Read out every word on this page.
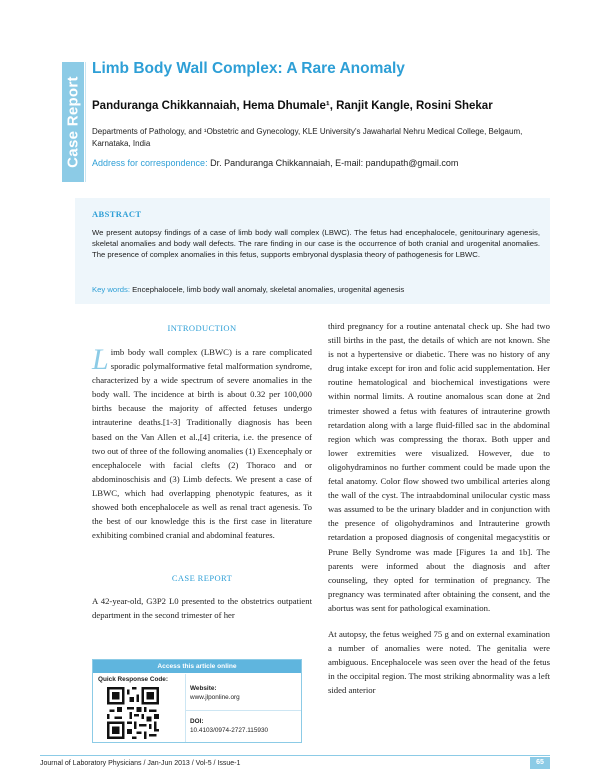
Case Report
Limb Body Wall Complex: A Rare Anomaly
Panduranga Chikkannaiah, Hema Dhumale¹, Ranjit Kangle, Rosini Shekar
Departments of Pathology, and ¹Obstetric and Gynecology, KLE University's Jawaharlal Nehru Medical College, Belgaum, Karnataka, India
Address for correspondence: Dr. Panduranga Chikkannaiah, E-mail: pandupath@gmail.com
ABSTRACT
We present autopsy findings of a case of limb body wall complex (LBWC). The fetus had encephalocele, genitourinary agenesis, skeletal anomalies and body wall defects. The rare finding in our case is the occurrence of both cranial and urogenital anomalies. The presence of complex anomalies in this fetus, supports embryonal dysplasia theory of pathogenesis for LBWC.
Key words: Encephalocele, limb body wall anomaly, skeletal anomalies, urogenital agenesis
INTRODUCTION
Limb body wall complex (LBWC) is a rare complicated sporadic polymalformative fetal malformation syndrome, characterized by a wide spectrum of severe anomalies in the body wall. The incidence at birth is about 0.32 per 100,000 births because the majority of affected fetuses undergo intrauterine deaths.[1-3] Traditionally diagnosis has been based on the Van Allen et al.,[4] criteria, i.e. the presence of two out of three of the following anomalies (1) Exencephaly or encephalocele with facial clefts (2) Thoraco and or abdominoschisis and (3) Limb defects. We present a case of LBWC, which had overlapping phenotypic features, as it showed both encephalocele as well as renal tract agenesis. To the best of our knowledge this is the first case in literature exhibiting combined cranial and abdominal features.
CASE REPORT
A 42-year-old, G3P2 L0 presented to the obstetrics outpatient department in the second trimester of her

third pregnancy for a routine antenatal check up. She had two still births in the past, the details of which are not known. She is not a hypertensive or diabetic. There was no history of any drug intake except for iron and folic acid supplementation. Her routine hematological and biochemical investigations were within normal limits. A routine anomalous scan done at 2nd trimester showed a fetus with features of intrauterine growth retardation along with a large fluid-filled sac in the abdominal region which was compressing the thorax. Both upper and lower extremities were visualized. However, due to oligohydraminos no further comment could be made upon the fetal anatomy. Color flow showed two umbilical arteries along the wall of the cyst. The intraabdominal unilocular cystic mass was assumed to be the urinary bladder and in conjunction with the presence of oligohydraminos and Intrauterine growth retardation a proposed diagnosis of congenital megacystitis or Prune Belly Syndrome was made [Figures 1a and 1b]. The parents were informed about the diagnosis and after counseling, they opted for termination of pregnancy. The pregnancy was terminated after obtaining the consent, and the abortus was sent for pathological examination.

At autopsy, the fetus weighed 75 g and on external examination a number of anomalies were noted. The genitalia were ambiguous. Encephalocele was seen over the head of the fetus in the occipital region. The most striking abnormality was a left sided anterior

Access this article online
Quick Response Code:
Website:
www.jlponline.org
DOI:
10.4103/0974-2727.115930
Journal of Laboratory Physicians / Jan-Jun 2013 / Vol-5 / Issue-1	65
